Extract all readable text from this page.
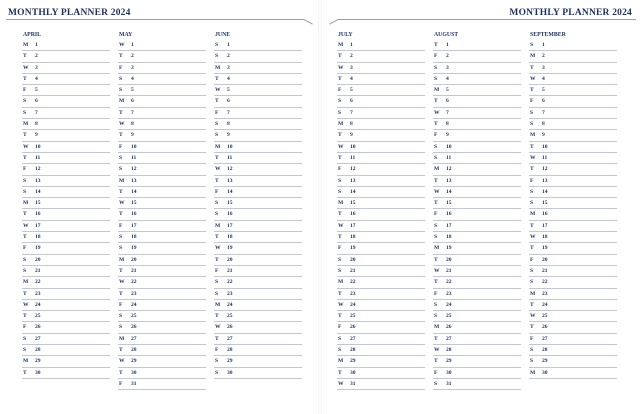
MONTHLY PLANNER 2024
APRIL
M	1
T	2
W	3
T	4
F	5
S	6
S	7
M	8
T	9
W	10
T	11
F	12
S	13
S	14
M	15
T	16
W	17
T	18
F	19
S	20
S	21
M	22
T	23
W	24
T	25
F	26
S	27
S	28
M	29
T	30
MAY
W	1
T	2
F	3
S	4
S	5
M	6
T	7
W	8
T	9
F	10
S	11
S	12
M	13
T	14
W	15
T	16
F	17
S	18
S	19
M	20
T	21
W	22
T	23
F	24
S	25
S	26
M	27
T	28
W	29
T	30
F	31
JUNE
S	1
S	2
M	3
T	4
W	5
T	6
F	7
S	8
S	9
M	10
T	11
W	12
T	13
F	14
S	15
S	16
M	17
T	18
W	19
T	20
F	21
S	22
S	23
M	24
T	25
W	26
T	27
F	28
S	29
S	30
MONTHLY PLANNER 2024
JULY
M	1
T	2
W	3
T	4
F	5
S	6
S	7
M	8
T	9
W	10
T	11
F	12
S	13
S	14
M	15
T	16
W	17
T	18
F	19
S	20
S	21
M	22
T	23
W	24
T	25
F	26
S	27
S	28
M	29
T	30
W	31
AUGUST
T	1
F	2
S	3
S	4
M	5
T	6
W	7
T	8
F	9
S	10
S	11
M	12
T	13
W	14
T	15
F	16
S	17
S	18
M	19
T	20
W	21
T	22
F	23
S	24
S	25
M	26
T	27
W	28
T	29
F	30
S	31
SEPTEMBER
S	1
M	2
T	3
W	4
T	5
F	6
S	7
S	8
M	9
T	10
W	11
T	12
F	13
S	14
S	15
M	16
T	17
W	18
T	19
F	20
S	21
S	22
M	23
T	24
W	25
T	26
F	27
S	28
S	29
M	30
